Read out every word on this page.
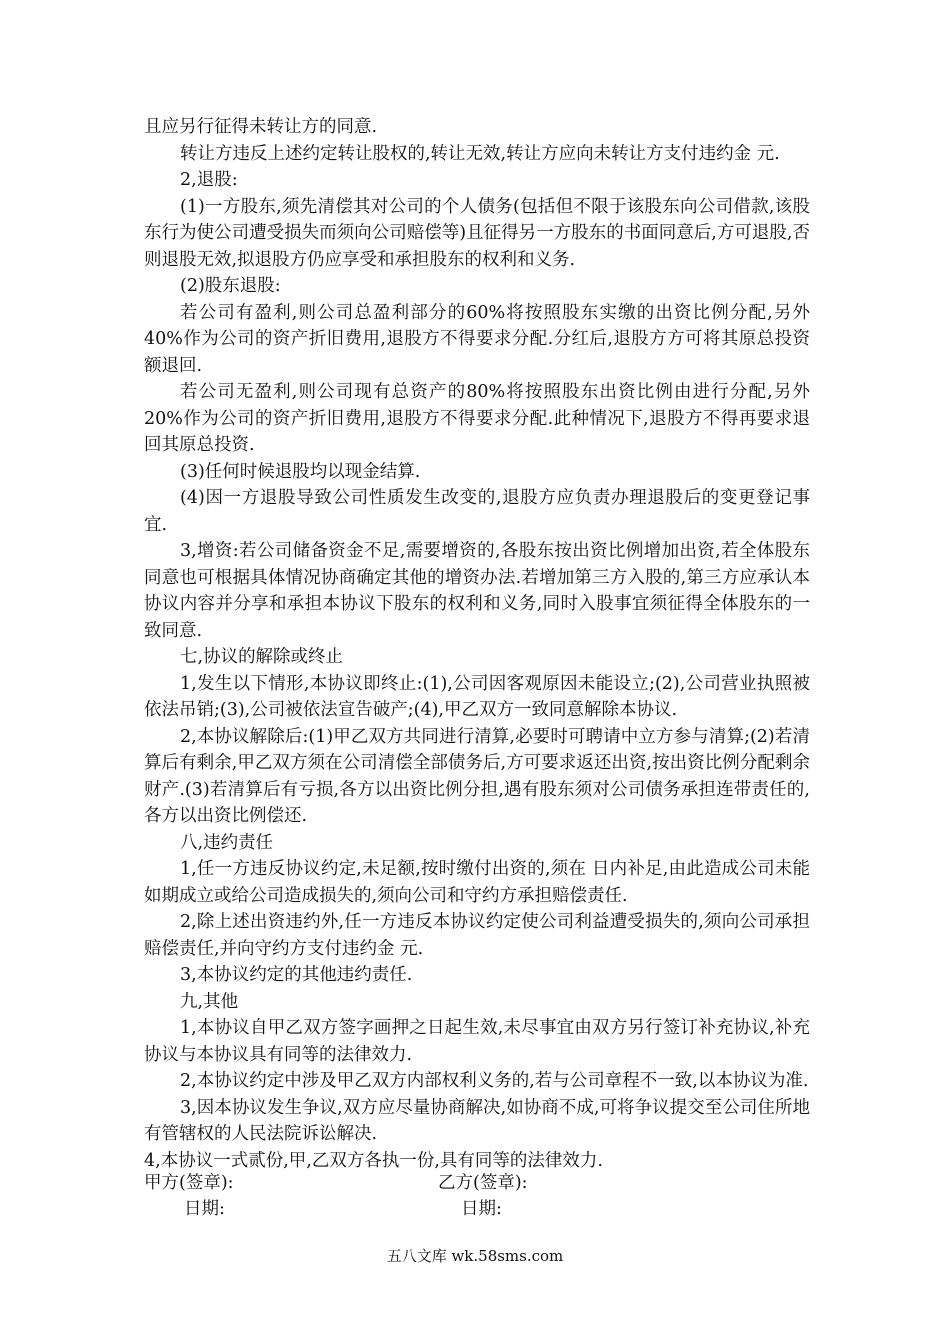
且应另行征得未转让方的同意.

转让方违反上述约定转让股权的,转让无效,转让方应向未转让方支付违约金 元.

2,退股:

(1)一方股东,须先清偿其对公司的个人债务(包括但不限于该股东向公司借款,该股东行为使公司遭受损失而须向公司赔偿等)且征得另一方股东的书面同意后,方可退股,否则退股无效,拟退股方仍应享受和承担股东的权利和义务.

(2)股东退股:

若公司有盈利,则公司总盈利部分的60%将按照股东实缴的出资比例分配,另外40%作为公司的资产折旧费用,退股方不得要求分配.分红后,退股方方可将其原总投资额退回.

若公司无盈利,则公司现有总资产的80%将按照股东出资比例由进行分配,另外20%作为公司的资产折旧费用,退股方不得要求分配.此种情况下,退股方不得再要求退回其原总投资.

(3)任何时候退股均以现金结算.

(4)因一方退股导致公司性质发生改变的,退股方应负责办理退股后的变更登记事宜.

3,增资:若公司储备资金不足,需要增资的,各股东按出资比例增加出资,若全体股东同意也可根据具体情况协商确定其他的增资办法.若增加第三方入股的,第三方应承认本协议内容并分享和承担本协议下股东的权利和义务,同时入股事宜须征得全体股东的一致同意.

七,协议的解除或终止

1,发生以下情形,本协议即终止:(1),公司因客观原因未能设立;(2),公司营业执照被依法吊销;(3),公司被依法宣告破产;(4),甲乙双方一致同意解除本协议.

2,本协议解除后:(1)甲乙双方共同进行清算,必要时可聘请中立方参与清算;(2)若清算后有剩余,甲乙双方须在公司清偿全部债务后,方可要求返还出资,按出资比例分配剩余财产.(3)若清算后有亏损,各方以出资比例分担,遇有股东须对公司债务承担连带责任的,各方以出资比例偿还.

八,违约责任

1,任一方违反协议约定,未足额,按时缴付出资的,须在 日内补足,由此造成公司未能如期成立或给公司造成损失的,须向公司和守约方承担赔偿责任.

2,除上述出资违约外,任一方违反本协议约定使公司利益遭受损失的,须向公司承担赔偿责任,并向守约方支付违约金 元.

3,本协议约定的其他违约责任.

九,其他

1,本协议自甲乙双方签字画押之日起生效,未尽事宜由双方另行签订补充协议,补充协议与本协议具有同等的法律效力.

2,本协议约定中涉及甲乙双方内部权利义务的,若与公司章程不一致,以本协议为准.

3,因本协议发生争议,双方应尽量协商解决,如协商不成,可将争议提交至公司住所地有管辖权的人民法院诉讼解决.

4,本协议一式贰份,甲,乙双方各执一份,具有同等的法律效力.

甲方(签章):	乙方(签章):
日期:	日期:
五八文库 wk.58sms.com
